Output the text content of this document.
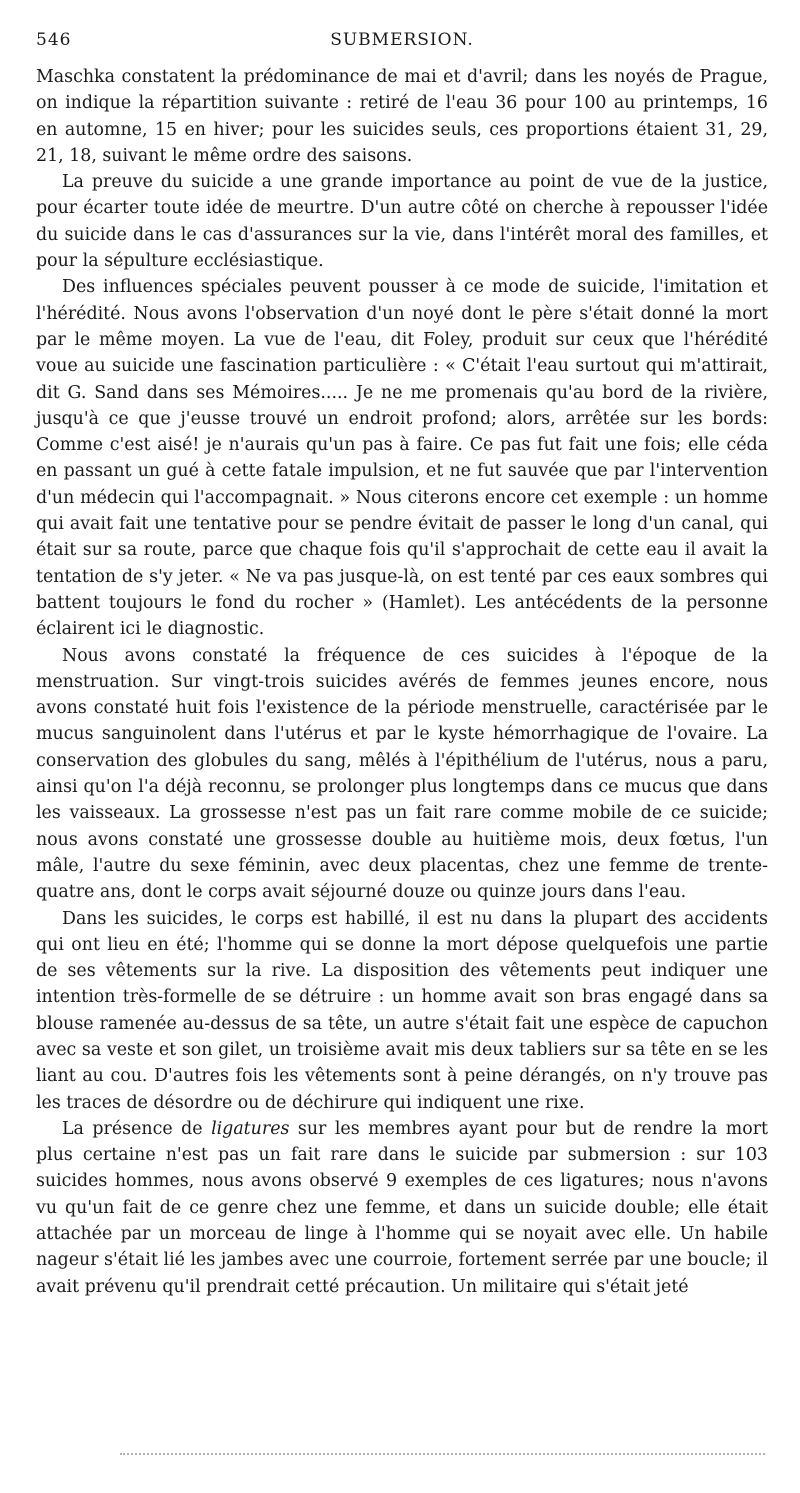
546	SUBMERSION.

Maschka constatent la prédominance de mai et d'avril; dans les noyés de Prague, on indique la répartition suivante : retiré de l'eau 36 pour 100 au printemps, 16 en automne, 15 en hiver; pour les suicides seuls, ces proportions étaient 31, 29, 21, 18, suivant le même ordre des saisons.

La preuve du suicide a une grande importance au point de vue de la justice, pour écarter toute idée de meurtre. D'un autre côté on cherche à repousser l'idée du suicide dans le cas d'assurances sur la vie, dans l'intérêt moral des familles, et pour la sépulture ecclésiastique.

Des influences spéciales peuvent pousser à ce mode de suicide, l'imitation et l'hérédité. Nous avons l'observation d'un noyé dont le père s'était donné la mort par le même moyen. La vue de l'eau, dit Foley, produit sur ceux que l'hérédité voue au suicide une fascination particulière : « C'était l'eau surtout qui m'attirait, dit G. Sand dans ses Mémoires..... Je ne me promenais qu'au bord de la rivière, jusqu'à ce que j'eusse trouvé un endroit profond; alors, arrêtée sur les bords: Comme c'est aisé! je n'aurais qu'un pas à faire. Ce pas fut fait une fois; elle céda en passant un gué à cette fatale impulsion, et ne fut sauvée que par l'intervention d'un médecin qui l'accompagnait. » Nous citerons encore cet exemple : un homme qui avait fait une tentative pour se pendre évitait de passer le long d'un canal, qui était sur sa route, parce que chaque fois qu'il s'approchait de cette eau il avait la tentation de s'y jeter. « Ne va pas jusque-là, on est tenté par ces eaux sombres qui battent toujours le fond du rocher » (Hamlet). Les antécédents de la personne éclairent ici le diagnostic.

Nous avons constaté la fréquence de ces suicides à l'époque de la menstruation. Sur vingt-trois suicides avérés de femmes jeunes encore, nous avons constaté huit fois l'existence de la période menstruelle, caractérisée par le mucus sanguinolent dans l'utérus et par le kyste hémorrhagique de l'ovaire. La conservation des globules du sang, mêlés à l'épithélium de l'utérus, nous a paru, ainsi qu'on l'a déjà reconnu, se prolonger plus longtemps dans ce mucus que dans les vaisseaux. La grossesse n'est pas un fait rare comme mobile de ce suicide; nous avons constaté une grossesse double au huitième mois, deux fœtus, l'un mâle, l'autre du sexe féminin, avec deux placentas, chez une femme de trente-quatre ans, dont le corps avait séjourné douze ou quinze jours dans l'eau.

Dans les suicides, le corps est habillé, il est nu dans la plupart des accidents qui ont lieu en été; l'homme qui se donne la mort dépose quelquefois une partie de ses vêtements sur la rive. La disposition des vêtements peut indiquer une intention très-formelle de se détruire : un homme avait son bras engagé dans sa blouse ramenée au-dessus de sa tête, un autre s'était fait une espèce de capuchon avec sa veste et son gilet, un troisième avait mis deux tabliers sur sa tête en se les liant au cou. D'autres fois les vêtements sont à peine dérangés, on n'y trouve pas les traces de désordre ou de déchirure qui indiquent une rixe.

La présence de ligatures sur les membres ayant pour but de rendre la mort plus certaine n'est pas un fait rare dans le suicide par submersion : sur 103 suicides hommes, nous avons observé 9 exemples de ces ligatures; nous n'avons vu qu'un fait de ce genre chez une femme, et dans un suicide double; elle était attachée par un morceau de linge à l'homme qui se noyait avec elle. Un habile nageur s'était lié les jambes avec une courroie, fortement serrée par une boucle; il avait prévenu qu'il prendrait cetté précaution. Un militaire qui s'était jeté
